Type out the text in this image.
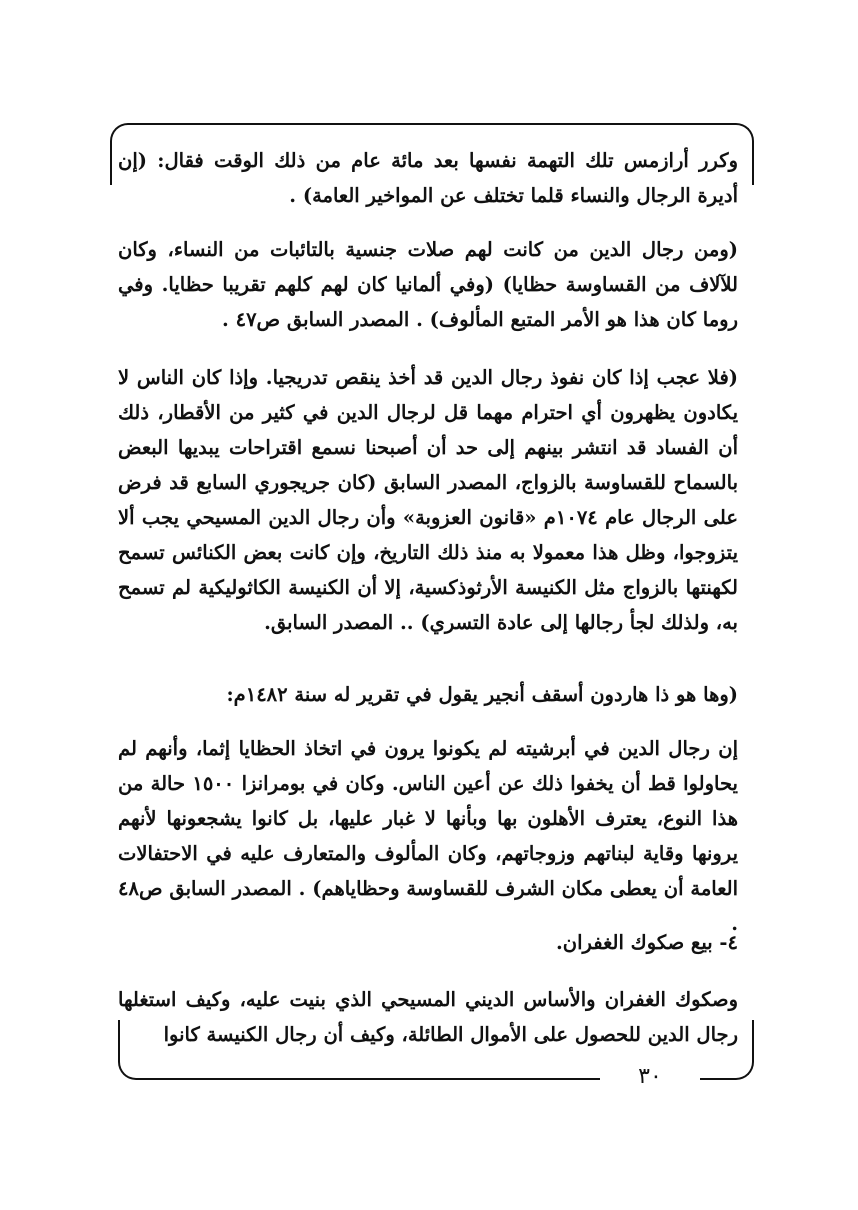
وكرر أرازمس تلك التهمة نفسها بعد مائة عام من ذلك الوقت فقال: (إن أديرة الرجال والنساء قلما تختلف عن المواخير العامة) .

(ومن رجال الدين من كانت لهم صلات جنسية بالتائبات من النساء، وكان للآلاف من القساوسة حظايا) (وفي ألمانيا كان لهم كلهم تقريبا حظايا. وفي روما كان هذا هو الأمر المتبع المألوف) . المصدر السابق ص٤٧ .

(فلا عجب إذا كان نفوذ رجال الدين قد أخذ ينقص تدريجيا. وإذا كان الناس لا يكادون يظهرون أي احترام مهما قل لرجال الدين في كثير من الأقطار، ذلك أن الفساد قد انتشر بينهم إلى حد أن أصبحنا نسمع اقتراحات يبديها البعض بالسماح للقساوسة بالزواج، المصدر السابق (كان جريجوري السابع قد فرض على الرجال عام ١٠٧٤م «قانون العزوبة» وأن رجال الدين المسيحي يجب ألا يتزوجوا، وظل هذا معمولا به منذ ذلك التاريخ، وإن كانت بعض الكنائس تسمح لكهنتها بالزواج مثل الكنيسة الأرثوذكسية، إلا أن الكنيسة الكاثوليكية لم تسمح به، ولذلك لجأ رجالها إلى عادة التسري) .. المصدر السابق.

(وها هو ذا هاردون أسقف أنجير يقول في تقرير له سنة ١٤٨٢م:

إن رجال الدين في أبرشيته لم يكونوا يرون في اتخاذ الحظايا إثما، وأنهم لم يحاولوا قط أن يخفوا ذلك عن أعين الناس. وكان في بومرانزا ١٥٠٠ حالة من هذا النوع، يعترف الأهلون بها وبأنها لا غبار عليها، بل كانوا يشجعونها لأنهم يرونها وقاية لبناتهم وزوجاتهم، وكان المألوف والمتعارف عليه في الاحتفالات العامة أن يعطى مكان الشرف للقساوسة وحظاياهم) . المصدر السابق ص٤٨ .

٤- بيع صكوك الغفران.

وصكوك الغفران والأساس الديني المسيحي الذي بنيت عليه، وكيف استغلها رجال الدين للحصول على الأموال الطائلة، وكيف أن رجال الكنيسة كانوا

٣٠
